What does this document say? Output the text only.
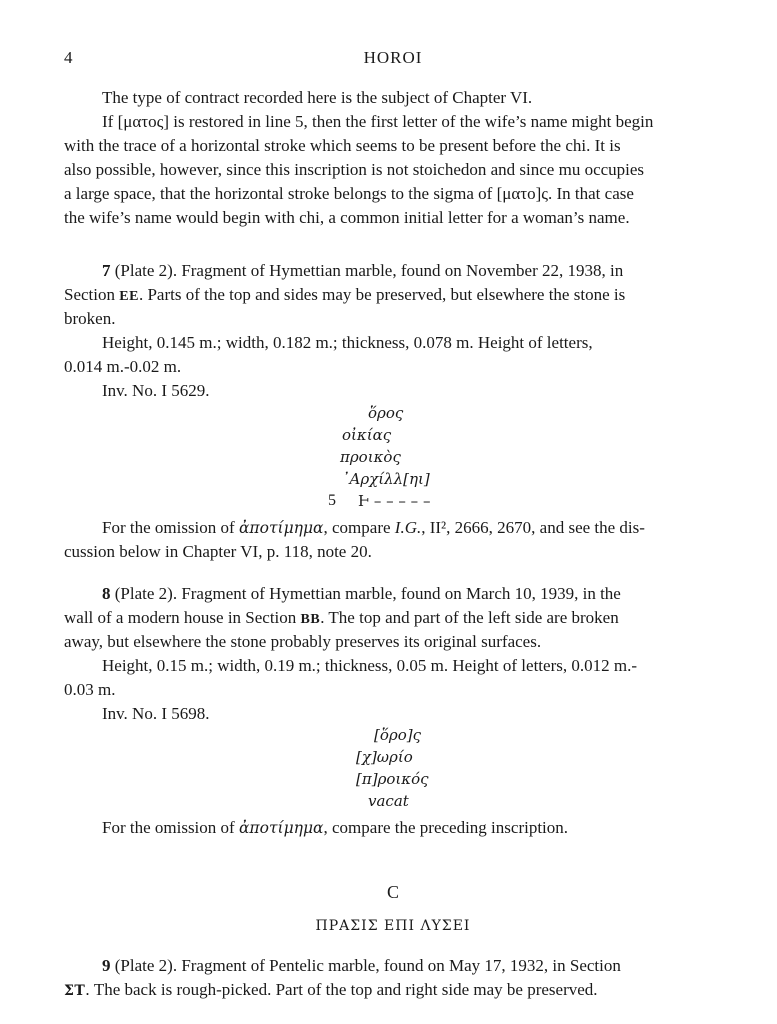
4	HOROI
The type of contract recorded here is the subject of Chapter VI.
If [ματος] is restored in line 5, then the first letter of the wife’s name might begin
with the trace of a horizontal stroke which seems to be present before the chi. It is
also possible, however, since this inscription is not stoichedon and since mu occupies
a large space, that the horizontal stroke belongs to the sigma of [ματο]ς. In that case
the wife’s name would begin with chi, a common initial letter for a woman’s name.
7 (Plate 2). Fragment of Hymettian marble, found on November 22, 1938, in
Section EE. Parts of the top and sides may be preserved, but elsewhere the stone is
broken.
Height, 0.145 m.; width, 0.182 m.; thickness, 0.078 m. Height of letters,
0.014 m.-0.02 m.
Inv. No. I 5629.
ὅρος
οἰκίας
προικὸς
᾿Αρχίλλ[ηι]
5 Ͱ – – – – –
For the omission of ἀποτίμημα, compare I.G., II², 2666, 2670, and see the dis-
cussion below in Chapter VI, p. 118, note 20.
8 (Plate 2). Fragment of Hymettian marble, found on March 10, 1939, in the
wall of a modern house in Section BB. The top and part of the left side are broken
away, but elsewhere the stone probably preserves its original surfaces.
Height, 0.15 m.; width, 0.19 m.; thickness, 0.05 m. Height of letters, 0.012 m.-
0.03 m.
Inv. No. I 5698.
[ὅρο]ς
[χ]ωρίο
[π]ροικός
vacat
For the omission of ἀποτίμημα, compare the preceding inscription.
C
ΠΡΑΣΙΣ ΕΠΙ ΛΥΣΕΙ
9 (Plate 2). Fragment of Pentelic marble, found on May 17, 1932, in Section
ΣΤ. The back is rough-picked. Part of the top and right side may be preserved.
